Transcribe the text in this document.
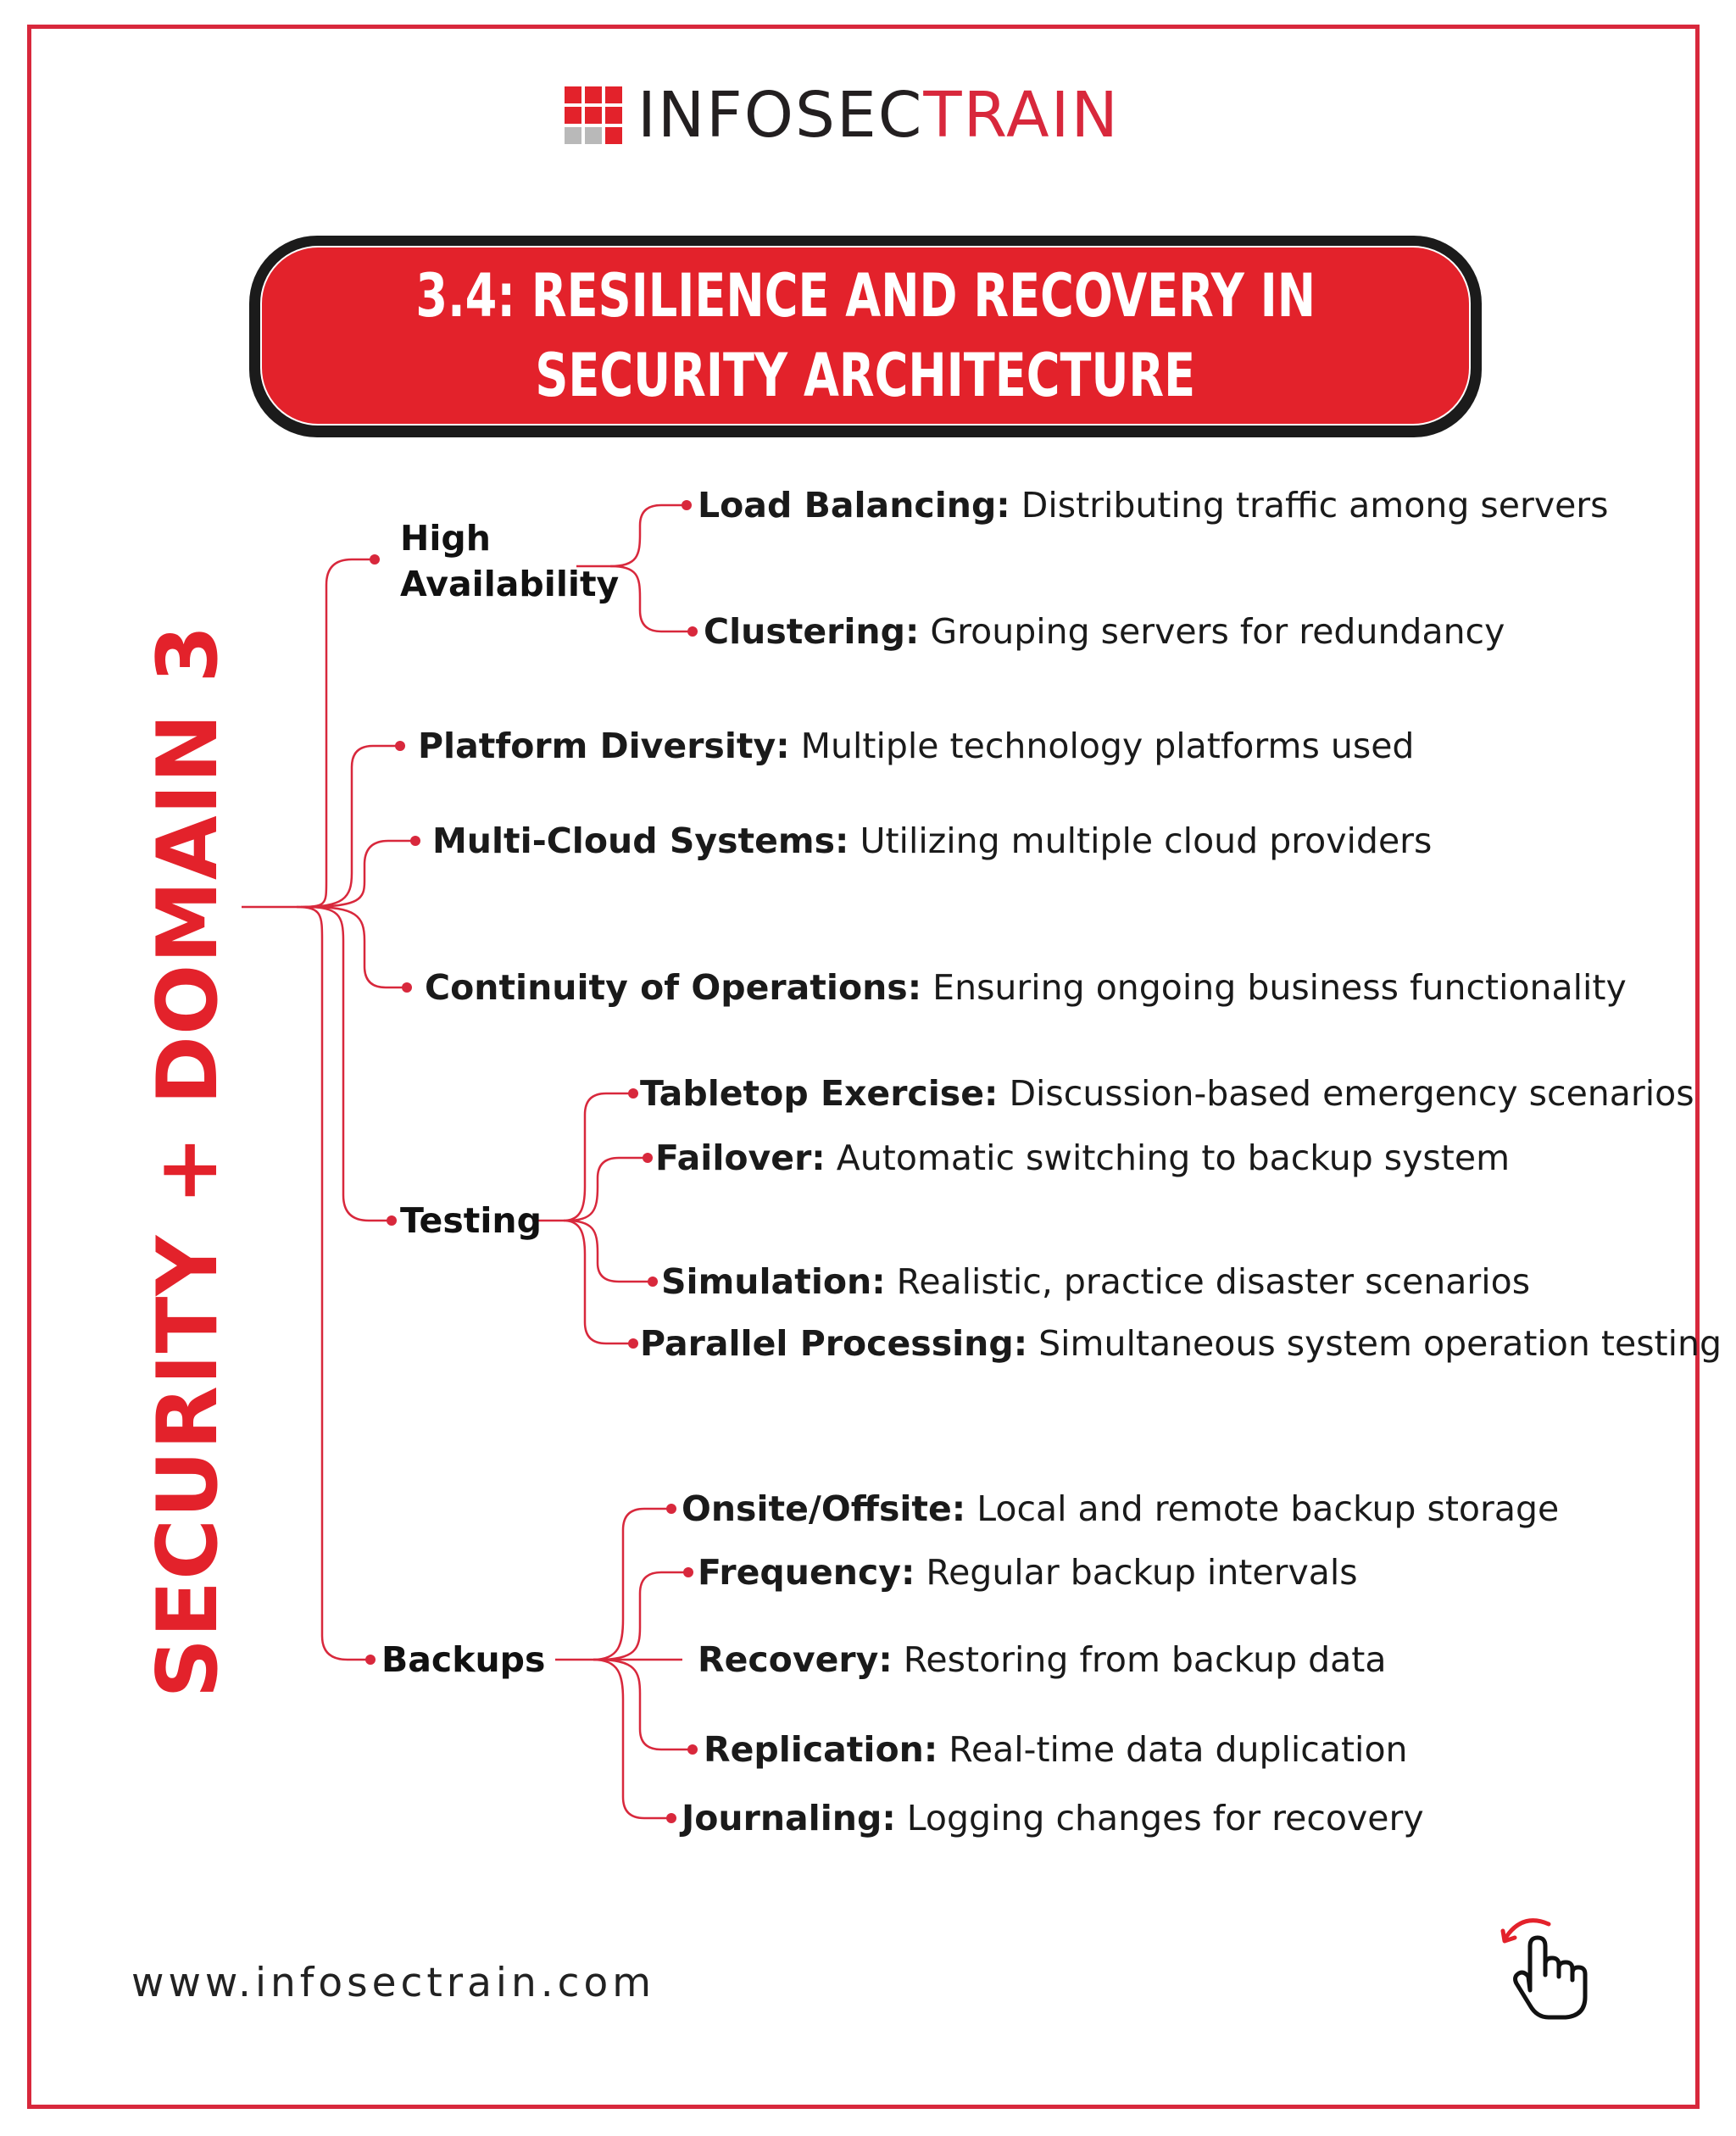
INFOSECTRAIN
3.4: RESILIENCE AND RECOVERY IN
SECURITY ARCHITECTURE
SECURITY + DOMAIN 3
High
Availability
Testing
Backups
Load Balancing: Distributing traffic among servers
Clustering: Grouping servers for redundancy
Platform Diversity: Multiple technology platforms used
Multi-Cloud Systems: Utilizing multiple cloud providers
Continuity of Operations: Ensuring ongoing business functionality
Tabletop Exercise: Discussion-based emergency scenarios
Failover: Automatic switching to backup system
Simulation: Realistic, practice disaster scenarios
Parallel Processing: Simultaneous system operation testing
Onsite/Offsite: Local and remote backup storage
Frequency: Regular backup intervals
Recovery: Restoring from backup data
Replication: Real-time data duplication
Journaling: Logging changes for recovery
www.infosectrain.com
